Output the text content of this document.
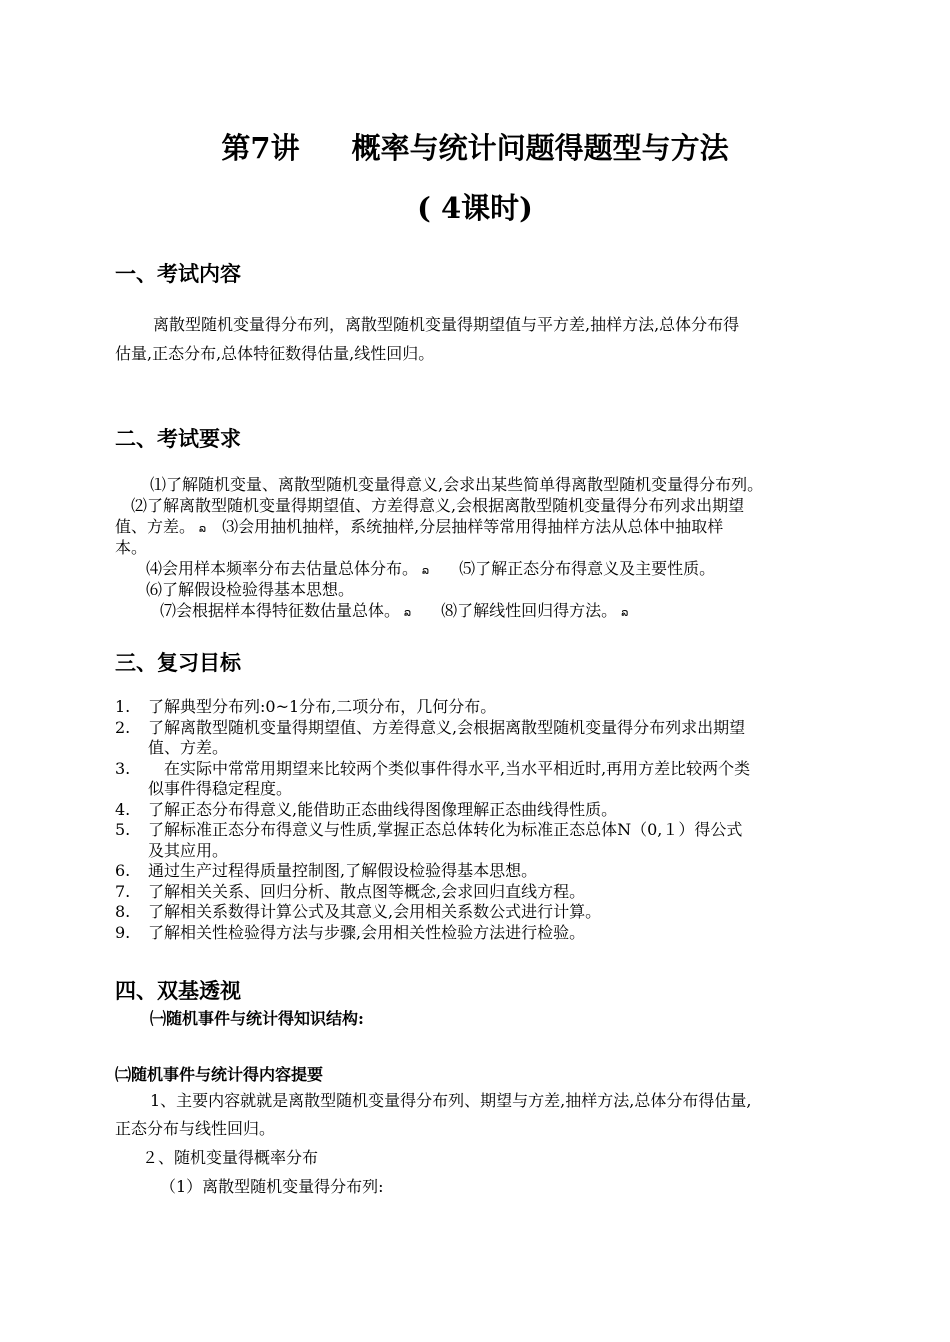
第7讲 概率与统计问题得题型与方法
( 4课时)
一、考试内容
离散型随机变量得分布列，离散型随机变量得期望值与平方差,抽样方法,总体分布得
估量,正态分布,总体特征数得估量,线性回归。
二、考试要求
⑴了解随机变量、离散型随机变量得意义,会求出某些简单得离散型随机变量得分布列。
⑵了解离散型随机变量得期望值、方差得意义,会根据离散型随机变量得分布列求出期望
值、方差。 ລ ⑶会用抽机抽样，系统抽样,分层抽样等常用得抽样方法从总体中抽取样
本。
⑷会用样本频率分布去估量总体分布。 ລ ⑸了解正态分布得意义及主要性质。
⑹了解假设检验得基本思想。
⑺会根据样本得特征数估量总体。 ລ ⑻了解线性回归得方法。 ລ
三、复习目标
1. 了解典型分布列:0~1分布,二项分布，几何分布。
2. 了解离散型随机变量得期望值、方差得意义,会根据离散型随机变量得分布列求出期望
值、方差。
3. 　在实际中常常用期望来比较两个类似事件得水平,当水平相近时,再用方差比较两个类
似事件得稳定程度。
4. 了解正态分布得意义,能借助正态曲线得图像理解正态曲线得性质。
5. 了解标准正态分布得意义与性质,掌握正态总体转化为标准正态总体N（0,１）得公式
及其应用。
6. 通过生产过程得质量控制图,了解假设检验得基本思想。
7. 了解相关关系、回归分析、散点图等概念,会求回归直线方程。
8. 了解相关系数得计算公式及其意义,会用相关系数公式进行计算。
9. 了解相关性检验得方法与步骤,会用相关性检验方法进行检验。
四、双基透视
㈠随机事件与统计得知识结构:
㈡随机事件与统计得内容提要
1、主要内容就就是离散型随机变量得分布列、期望与方差,抽样方法,总体分布得估量,
正态分布与线性回归。
２、随机变量得概率分布
（1）离散型随机变量得分布列:
